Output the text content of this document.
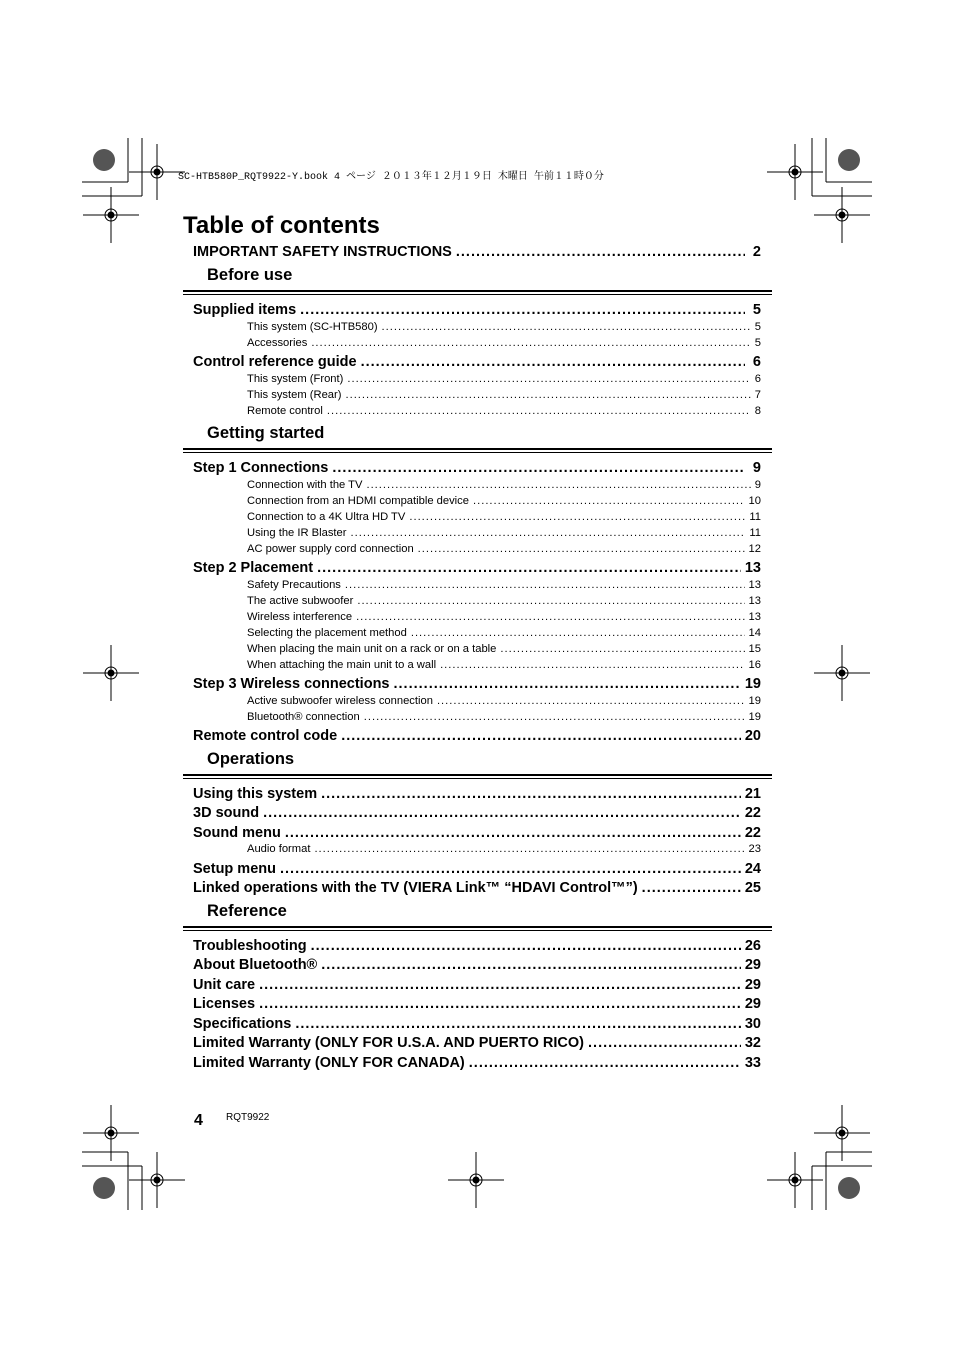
SC-HTB580P_RQT9922-Y.book 4 ページ ２０１３年１２月１９日 木曜日 午前１１時０分
Table of contents
IMPORTANT SAFETY INSTRUCTIONS .....	2
Before use
Supplied items .....	5
This system (SC-HTB580) .....	5
Accessories .....	5
Control reference guide .....	6
This system (Front) .....	6
This system (Rear) .....	7
Remote control .....	8
Getting started
Step 1 Connections .....	9
Connection with the TV .....	9
Connection from an HDMI compatible device .....	10
Connection to a 4K Ultra HD TV .....	11
Using the IR Blaster .....	11
AC power supply cord connection .....	12
Step 2 Placement .....	13
Safety Precautions .....	13
The active subwoofer .....	13
Wireless interference .....	13
Selecting the placement method .....	14
When placing the main unit on a rack or on a table .....	15
When attaching the main unit to a wall .....	16
Step 3 Wireless connections .....	19
Active subwoofer wireless connection .....	19
Bluetooth® connection .....	19
Remote control code .....	20
Operations
Using this system .....	21
3D sound .....	22
Sound menu .....	22
Audio format .....	23
Setup menu .....	24
Linked operations with the TV (VIERA Link™ “HDAVI Control™”) .....	25
Reference
Troubleshooting .....	26
About Bluetooth® .....	29
Unit care .....	29
Licenses .....	29
Specifications .....	30
Limited Warranty (ONLY FOR U.S.A. AND PUERTO RICO) .....	32
Limited Warranty (ONLY FOR CANADA) .....	33
4 RQT9922
